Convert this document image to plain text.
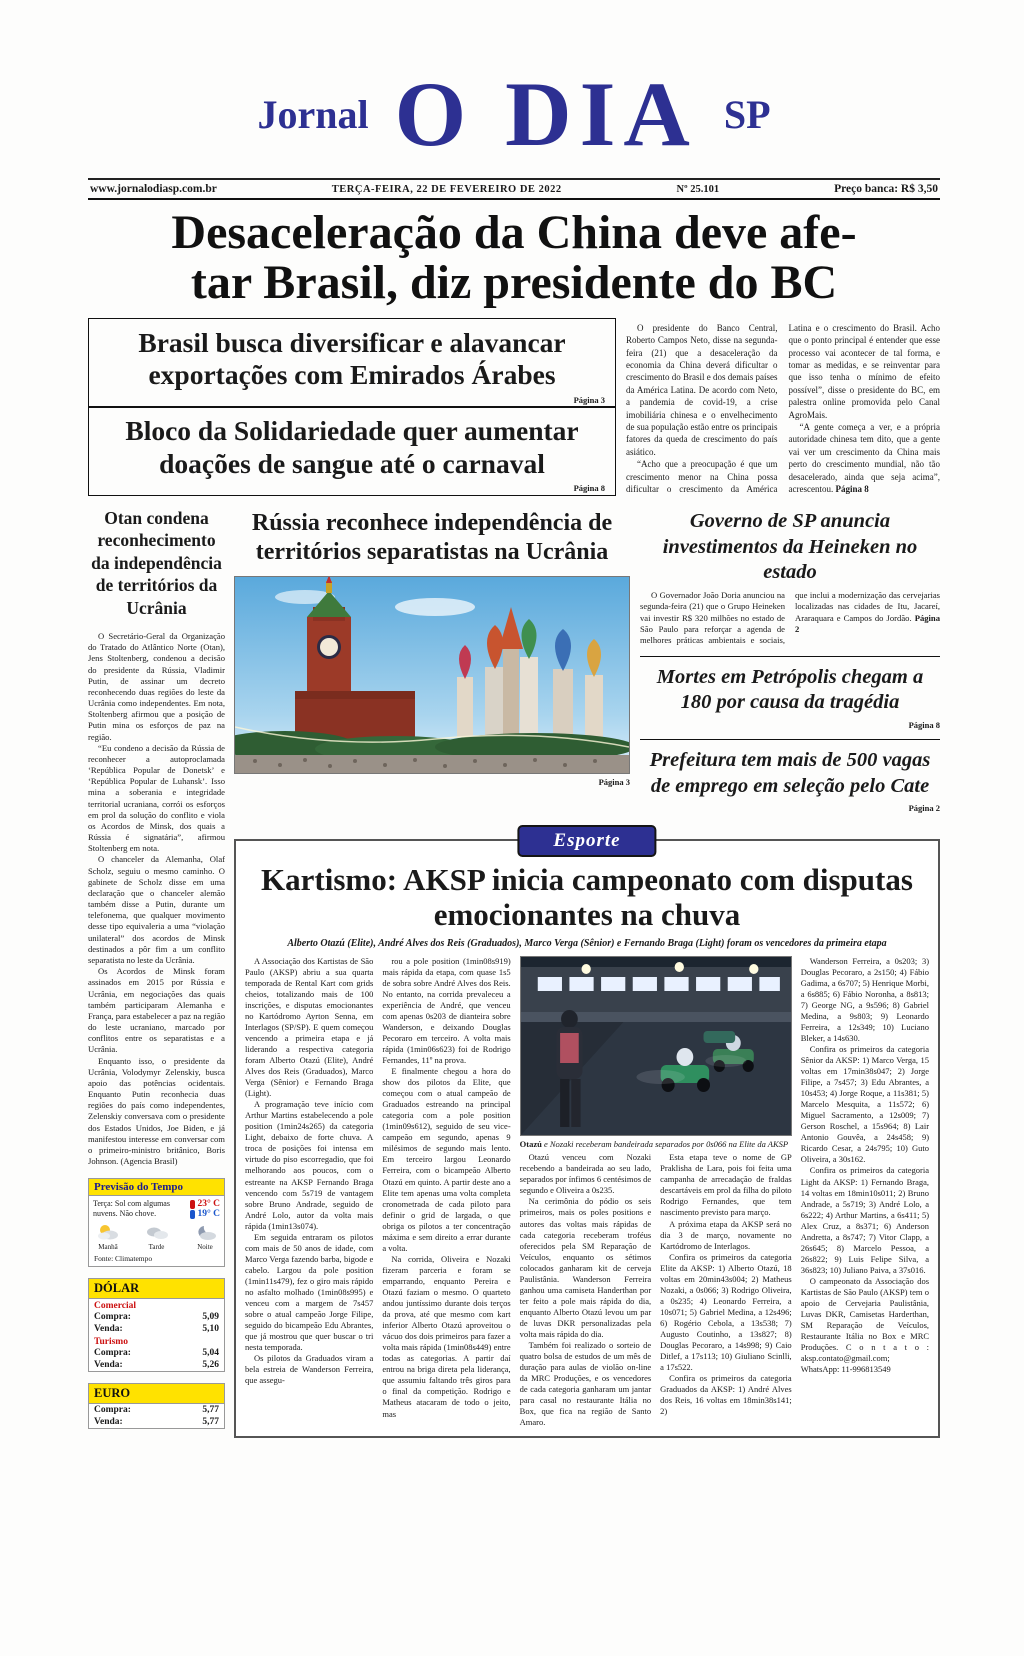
Jornal O DIA SP
www.jornalodiasp.com.br	TERÇA-FEIRA, 22 DE FEVEREIRO DE 2022	Nº 25.101	Preço banca: R$ 3,50
Desaceleração da China deve afe-
tar Brasil, diz presidente do BC
Brasil busca diversificar e alavancar exportações com Emirados Árabes
Página 3
Bloco da Solidariedade quer aumentar doações de sangue até o carnaval
Página 8

O presidente do Banco Central, Roberto Campos Neto, disse na segunda-feira (21) que a desaceleração da economia da China deverá dificultar o crescimento do Brasil e dos demais países da América Latina. De acordo com Neto, a pandemia de covid-19, a crise imobiliária chinesa e o envelhecimento de sua população estão entre os principais fatores da queda de crescimento do país asiático.

“Acho que a preocupação é que um crescimento menor na China possa dificultar o crescimento da América Latina e o crescimento do Brasil. Acho que o ponto principal é entender que esse processo vai acontecer de tal forma, e tomar as medidas, e se reinventar para que isso tenha o mínimo de efeito possível”, disse o presidente do BC, em palestra online promovida pelo Canal AgroMais.

“A gente começa a ver, e a própria autoridade chinesa tem dito, que a gente vai ver um crescimento da China mais perto do crescimento mundial, não tão desacelerado, ainda que seja acima”, acrescentou. Página 8

Otan condena reconhecimento da independência de territórios da Ucrânia

O Secretário-Geral da Organização do Tratado do Atlântico Norte (Otan), Jens Stoltenberg, condenou a decisão do presidente da Rússia, Vladimir Putin, de assinar um decreto reconhecendo duas regiões do leste da Ucrânia como independentes. Em nota, Stoltenberg afirmou que a posição de Putin mina os esforços de paz na região.

“Eu condeno a decisão da Rússia de reconhecer a autoproclamada ‘República Popular de Donetsk’ e ‘República Popular de Luhansk’. Isso mina a soberania e integridade territorial ucraniana, corrói os esforços em prol da solução do conflito e viola os Acordos de Minsk, dos quais a Rússia é signatária”, afirmou Stoltenberg em nota.

O chanceler da Alemanha, Olaf Scholz, seguiu o mesmo caminho. O gabinete de Scholz disse em uma declaração que o chanceler alemão também disse a Putin, durante um telefonema, que qualquer movimento desse tipo equivaleria a uma “violação unilateral” dos acordos de Minsk destinados a pôr fim a um conflito separatista no leste da Ucrânia.

Os Acordos de Minsk foram assinados em 2015 por Rússia e Ucrânia, em negociações das quais também participaram Alemanha e França, para estabelecer a paz na região do leste ucraniano, marcado por conflitos entre os separatistas e a Ucrânia.

Enquanto isso, o presidente da Ucrânia, Volodymyr Zelenskiy, busca apoio das potências ocidentais. Enquanto Putin reconhecia duas regiões do país como independentes, Zelenskiy conversava com o presidente dos Estados Unidos, Joe Biden, e já manifestou interesse em conversar com o primeiro-ministro britânico, Boris Johnson. (Agencia Brasil)

Previsão do Tempo
Terça: Sol com algumas nuvens. Não chove.
23° C
19° C
Manhã	Tarde	Noite
Fonte: Climatempo
DÓLAR
Comercial
Compra:	5,09
Venda:	5,10
Turismo
Compra:	5,04
Venda:	5,26
EURO
Compra:	5,77
Venda:	5,77
Rússia reconhece independência de territórios separatistas na Ucrânia
Página 3
Governo de SP anuncia investimentos da Heineken no estado

O Governador João Doria anunciou na segunda-feira (21) que o Grupo Heineken vai investir R$ 320 milhões no estado de São Paulo para reforçar a agenda de melhores práticas ambientais e sociais, que inclui a modernização das cervejarias localizadas nas cidades de Itu, Jacareí, Araraquara e Campos do Jordão. Página 2

Mortes em Petrópolis chegam a 180 por causa da tragédia
Página 8
Prefeitura tem mais de 500 vagas de emprego em seleção pelo Cate
Página 2
Esporte
Kartismo: AKSP inicia campeonato com disputas emocionantes na chuva
Alberto Otazú (Elite), André Alves dos Reis (Graduados), Marco Verga (Sênior) e Fernando Braga (Light) foram os vencedores da primeira etapa

A Associação dos Kartistas de São Paulo (AKSP) abriu a sua quarta temporada de Rental Kart com grids cheios, totalizando mais de 100 inscrições, e disputas emocionantes no Kartódromo Ayrton Senna, em Interlagos (SP/SP). E quem começou vencendo a primeira etapa e já liderando a respectiva categoria foram Alberto Otazú (Elite), André Alves dos Reis (Graduados), Marco Verga (Sênior) e Fernando Braga (Light).

A programação teve início com Arthur Martins estabelecendo a pole position (1min24s265) da categoria Light, debaixo de forte chuva. A troca de posições foi intensa em virtude do piso escorregadio, que foi melhorando aos poucos, com o estreante na AKSP Fernando Braga vencendo com 5s719 de vantagem sobre Bruno Andrade, seguido de André Lolo, autor da volta mais rápida (1min13s074).

Em seguida entraram os pilotos com mais de 50 anos de idade, com Marco Verga fazendo barba, bigode e cabelo. Largou da pole position (1min11s479), fez o giro mais rápido no asfalto molhado (1min08s995) e venceu com a margem de 7s457 sobre o atual campeão Jorge Filipe, seguido do bicampeão Edu Abrantes, que já mostrou que quer buscar o tri nesta temporada.

Os pilotos da Graduados viram a bela estreia de Wanderson Ferreira, que assegu-

rou a pole position (1min08s919) mais rápida da etapa, com quase 1s5 de sobra sobre André Alves dos Reis. No entanto, na corrida prevaleceu a experiência de André, que venceu com apenas 0s203 de dianteira sobre Wanderson, e deixando Douglas Pecoraro em terceiro. A volta mais rápida (1min06s623) foi de Rodrigo Fernandes, 11º na prova.

E finalmente chegou a hora do show dos pilotos da Elite, que começou com o atual campeão de Graduados estreando na principal categoria com a pole position (1min09s612), seguido de seu vice-campeão em segundo, apenas 9 milésimos de segundo mais lento. Em terceiro largou Leonardo Ferreira, com o bicampeão Alberto Otazú em quinto. A partir deste ano a Elite tem apenas uma volta completa cronometrada de cada piloto para definir o grid de largada, o que obriga os pilotos a ter concentração máxima e sem direito a errar durante a volta.

Na corrida, Oliveira e Nozaki fizeram parceria e foram se emparrando, enquanto Pereira e Otazú faziam o mesmo. O quarteto andou juntíssimo durante dois terços da prova, até que mesmo com kart inferior Alberto Otazú aproveitou o vácuo dos dois primeiros para fazer a volta mais rápida (1min08s449) entre todas as categorias. A partir daí entrou na briga direta pela liderança, que assumiu faltando três giros para o final da competição. Rodrigo e Matheus atacaram de todo o jeito, mas

Otazú e Nozaki receberam bandeirada separados por 0s066 na Elite da AKSP

Otazú venceu com Nozaki recebendo a bandeirada ao seu lado, separados por ínfimos 6 centésimos de segundo e Oliveira a 0s235.

Na cerimônia do pódio os seis primeiros, mais os poles positions e autores das voltas mais rápidas de cada categoria receberam troféus oferecidos pela SM Reparação de Veículos, enquanto os sétimos colocados ganharam kit de cerveja Paulistânia. Wanderson Ferreira ganhou uma camiseta Handerthan por ter feito a pole mais rápida do dia, enquanto Alberto Otazú levou um par de luvas DKR personalizadas pela volta mais rápida do dia.

Também foi realizado o sorteio de quatro bolsa de estudos de um mês de duração para aulas de violão on-line da MRC Produções, e os vencedores de cada categoria ganharam um jantar para casal no restaurante Itália no Box, que fica na região de Santo Amaro.

Esta etapa teve o nome de GP Praklisha de Lara, pois foi feita uma campanha de arrecadação de fraldas descartáveis em prol da filha do piloto Rodrigo Fernandes, que tem nascimento previsto para março.

A próxima etapa da AKSP será no dia 3 de março, novamente no Kartódromo de Interlagos.

Confira os primeiros da categoria Elite da AKSP: 1) Alberto Otazú, 18 voltas em 20min43s004; 2) Matheus Nozaki, a 0s066; 3) Rodrigo Oliveira, a 0s235; 4) Leonardo Ferreira, a 10s071; 5) Gabriel Medina, a 12s496; 6) Rogério Cebola, a 13s538; 7) Augusto Coutinho, a 13s827; 8) Douglas Pecoraro, a 14s998; 9) Caio Ditlef, a 17s113; 10) Giuliano Scinlli, a 17s522.

Confira os primeiros da categoria Graduados da AKSP: 1) André Alves dos Reis, 16 voltas em 18min38s141; 2)

Wanderson Ferreira, a 0s203; 3) Douglas Pecoraro, a 2s150; 4) Fábio Gadima, a 6s707; 5) Henrique Morbi, a 6s885; 6) Fábio Noronha, a 8s813; 7) George NG, a 9s596; 8) Gabriel Medina, a 9s803; 9) Leonardo Ferreira, a 12s349; 10) Luciano Bleker, a 14s630.

Confira os primeiros da categoria Sênior da AKSP: 1) Marco Verga, 15 voltas em 17min38s047; 2) Jorge Filipe, a 7s457; 3) Edu Abrantes, a 10s453; 4) Jorge Roque, a 11s381; 5) Marcelo Mesquita, a 11s572; 6) Miguel Sacramento, a 12s009; 7) Gerson Roschel, a 15s964; 8) Lair Antonio Gouvêa, a 24s458; 9) Ricardo Cesar, a 24s795; 10) Guto Oliveira, a 30s162.

Confira os primeiros da categoria Light da AKSP: 1) Fernando Braga, 14 voltas em 18min10s011; 2) Bruno Andrade, a 5s719; 3) André Lolo, a 6s222; 4) Arthur Martins, a 6s411; 5) Alex Cruz, a 8s371; 6) Anderson Andretta, a 8s747; 7) Vitor Clapp, a 26s645; 8) Marcelo Pessoa, a 26s822; 9) Luis Felipe Silva, a 36s823; 10) Juliano Paiva, a 37s016.

O campeonato da Associação dos Kartistas de São Paulo (AKSP) tem o apoio de Cervejaria Paulistânia, Luvas DKR, Camisetas Harderthan, SM Reparação de Veículos, Restaurante Itália no Box e MRC Produções. C o n t a t o : aksp.contato@gmail.com; WhatsApp: 11-996813549
